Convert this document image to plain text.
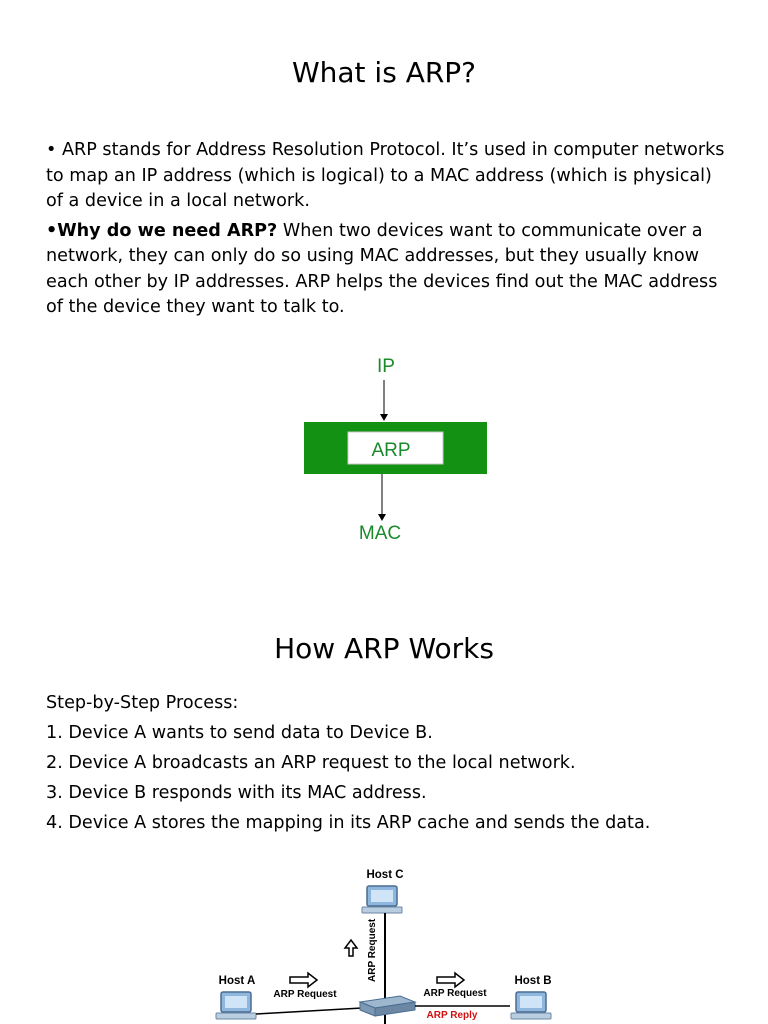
What is ARP?

• ARP stands for Address Resolution Protocol. It’s used in computer networks to map an IP address (which is logical) to a MAC address (which is physical) of a device in a local network.

•Why do we need ARP? When two devices want to communicate over a network, they can only do so using MAC addresses, but they usually know each other by IP addresses. ARP helps the devices find out the MAC address of the device they want to talk to.

IP
ARP
MAC
How ARP Works
Step-by-Step Process:
1. Device A wants to send data to Device B.
2. Device A broadcasts an ARP request to the local network.
3. Device B responds with its MAC address.
4. Device A stores the mapping in its ARP cache and sends the data.
Host C
ARP Request
Host A
ARP Request	ARP Request
ARP Reply
Host B
